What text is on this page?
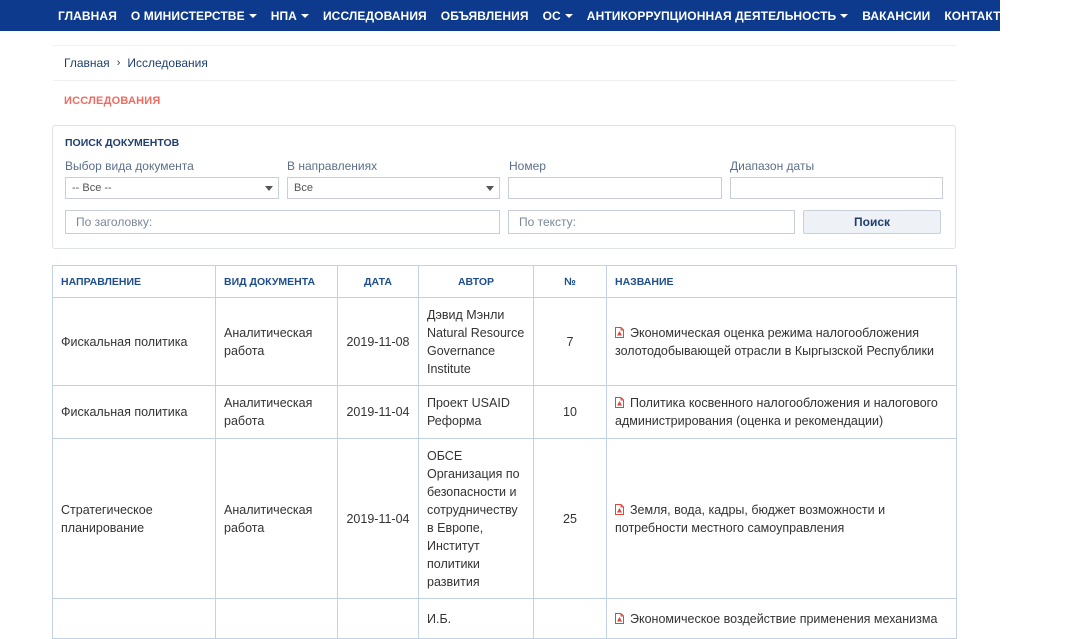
ГЛАВНАЯ О МИНИСТЕРСТВЕ НПА ИССЛЕДОВАНИЯ ОБЪЯВЛЕНИЯ ОС АНТИКОРРУПЦИОННАЯ ДЕЯТЕЛЬНОСТЬ ВАКАНСИИ КОНТАКТЫ ЦУР
Главная › Исследования
ИССЛЕДОВАНИЯ
ПОИСК ДОКУМЕНТОВ
Выбор вида документа
-- Все --
В направлениях
Все
Номер	Диапазон даты
По заголовку:	По тексту:	Поиск
НАПРАВЛЕНИЕ	ВИД ДОКУМЕНТА	ДАТА	АВТОР	№	НАЗВАНИЕ
Фискальная политика	Аналитическая работа	2019-11-08	Дэвид Мэнли Natural Resource Governance Institute	7	Экономическая оценка режима налогообложения золотодобывающей отрасли в Кыргызской Республики
Фискальная политика	Аналитическая работа	2019-11-04	Проект USAID Реформа	10	Политика косвенного налогообложения и налогового администрирования (оценка и рекомендации)
Стратегическое планирование	Аналитическая работа	2019-11-04	ОБСЕ Организация по безопасности и сотрудничеству в Европе, Институт политики развития	25	Земля, вода, кадры, бюджет возможности и потребности местного самоуправления
			И.Б.		Экономическое воздействие применения механизма
